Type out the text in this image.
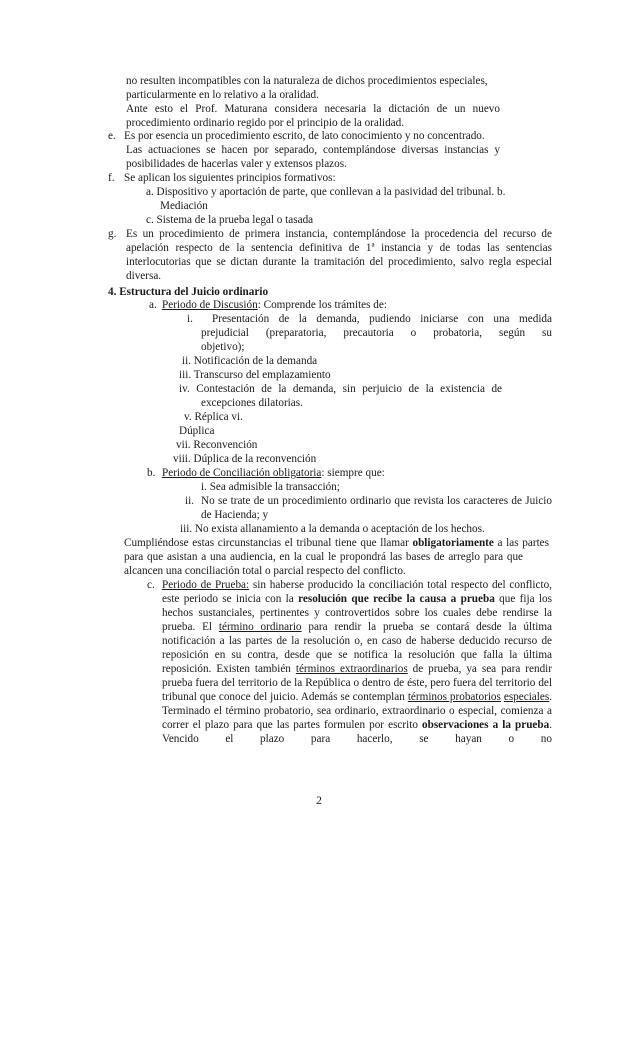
no resulten incompatibles con la naturaleza de dichos procedimientos especiales,
particularmente en lo relativo a la oralidad.
Ante esto el Prof. Maturana considera necesaria la dictación de un nuevo
procedimiento ordinario regido por el principio de la oralidad.
e. Es por esencia un procedimiento escrito, de lato conocimiento y no concentrado.
Las actuaciones se hacen por separado, contemplándose diversas instancias y
posibilidades de hacerlas valer y extensos plazos.
f. Se aplican los siguientes principios formativos:
a. Dispositivo y aportación de parte, que conllevan a la pasividad del tribunal. b.
Mediación
c. Sistema de la prueba legal o tasada
g. Es un procedimiento de primera instancia, contemplándose la procedencia del recurso de
apelación respecto de la sentencia definitiva de 1ª instancia y de todas las sentencias
interlocutorias que se dictan durante la tramitación del procedimiento, salvo regla especial
diversa.
4. Estructura del Juicio ordinario
a. Periodo de Discusión: Comprende los trámites de:
i. Presentación de la demanda, pudiendo iniciarse con una medida
prejudicial (preparatoria, precautoria o probatoria, según su
objetivo);
ii. Notificación de la demanda
iii. Transcurso del emplazamiento
iv. Contestación de la demanda, sin perjuicio de la existencia de
excepciones dilatorias.
v. Réplica vi.
Dúplica
vii. Reconvención
viii. Dúplica de la reconvención
b. Periodo de Conciliación obligatoria: siempre que:
i. Sea admisible la transacción;
ii. No se trate de un procedimiento ordinario que revista los caracteres de Juicio
de Hacienda; y
iii. No exista allanamiento a la demanda o aceptación de los hechos.
Cumpliéndose estas circunstancias el tribunal tiene que llamar obligatoriamente a las partes
para que asistan a una audiencia, en la cual le propondrá las bases de arreglo para que
alcancen una conciliación total o parcial respecto del conflicto.
c. Periodo de Prueba: sin haberse producido la conciliación total respecto del conflicto,
este periodo se inicia con la resolución que recibe la causa a prueba que fija los
hechos sustanciales, pertinentes y controvertidos sobre los cuales debe rendirse la
prueba. El término ordinario para rendir la prueba se contará desde la última
notificación a las partes de la resolución o, en caso de haberse deducido recurso de
reposición en su contra, desde que se notifica la resolución que falla la última
reposición. Existen también términos extraordinarios de prueba, ya sea para rendir
prueba fuera del territorio de la República o dentro de éste, pero fuera del territorio del
tribunal que conoce del juicio. Además se contemplan términos probatorios especiales.
Terminado el término probatorio, sea ordinario, extraordinario o especial, comienza a
correr el plazo para que las partes formulen por escrito observaciones a la prueba.
Vencido el plazo para hacerlo, se hayan o no
2
